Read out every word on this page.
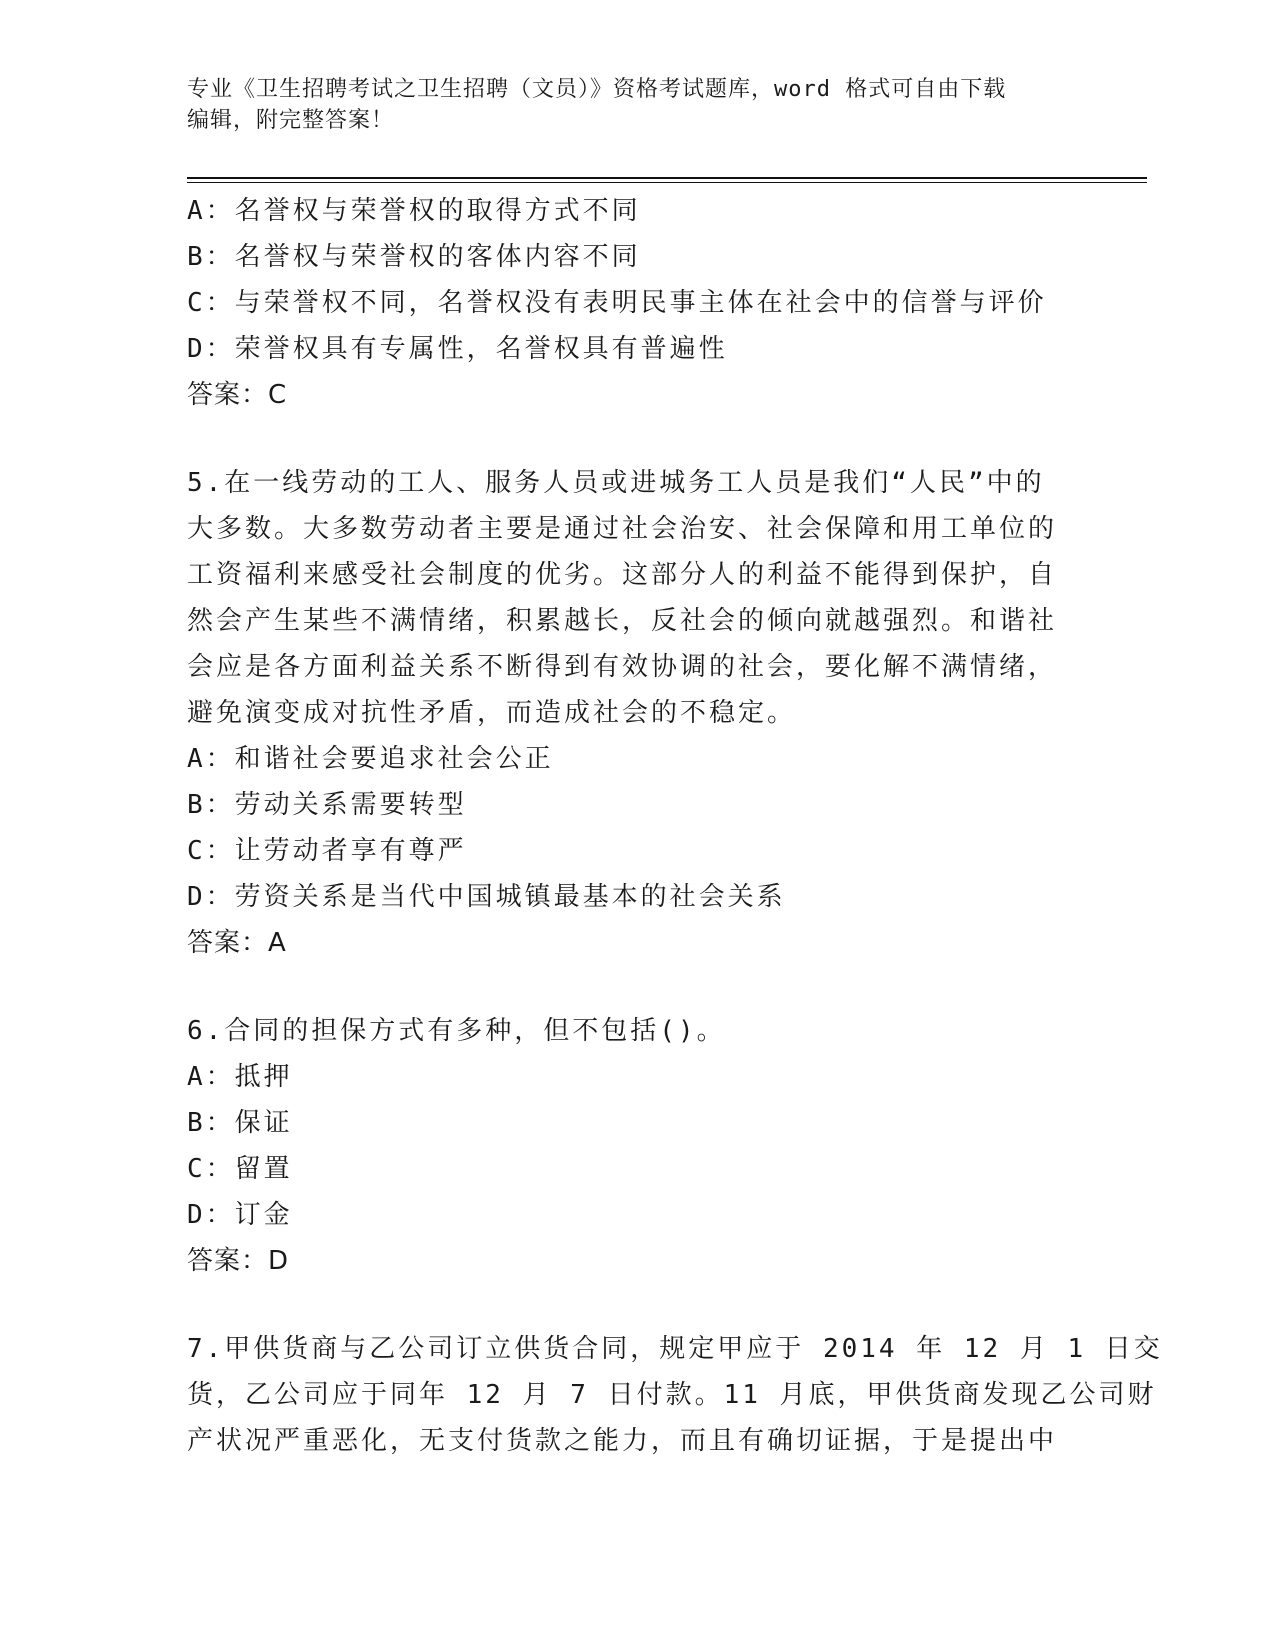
专业《卫生招聘考试之卫生招聘（文员）》资格考试题库，word 格式可自由下载
编辑，附完整答案！
A：名誉权与荣誉权的取得方式不同
B：名誉权与荣誉权的客体内容不同
C：与荣誉权不同，名誉权没有表明民事主体在社会中的信誉与评价
D：荣誉权具有专属性，名誉权具有普遍性
答案：C
5.在一线劳动的工人、服务人员或进城务工人员是我们“人民”中的
大多数。大多数劳动者主要是通过社会治安、社会保障和用工单位的
工资福利来感受社会制度的优劣。这部分人的利益不能得到保护，自
然会产生某些不满情绪，积累越长，反社会的倾向就越强烈。和谐社
会应是各方面利益关系不断得到有效协调的社会，要化解不满情绪，
避免演变成对抗性矛盾，而造成社会的不稳定。
A：和谐社会要追求社会公正
B：劳动关系需要转型
C：让劳动者享有尊严
D：劳资关系是当代中国城镇最基本的社会关系
答案：A
6.合同的担保方式有多种，但不包括()。
A：抵押
B：保证
C：留置
D：订金
答案：D
7.甲供货商与乙公司订立供货合同，规定甲应于 2014 年 12 月 1 日交
货，乙公司应于同年 12 月 7 日付款。11 月底，甲供货商发现乙公司财
产状况严重恶化，无支付货款之能力，而且有确切证据，于是提出中
